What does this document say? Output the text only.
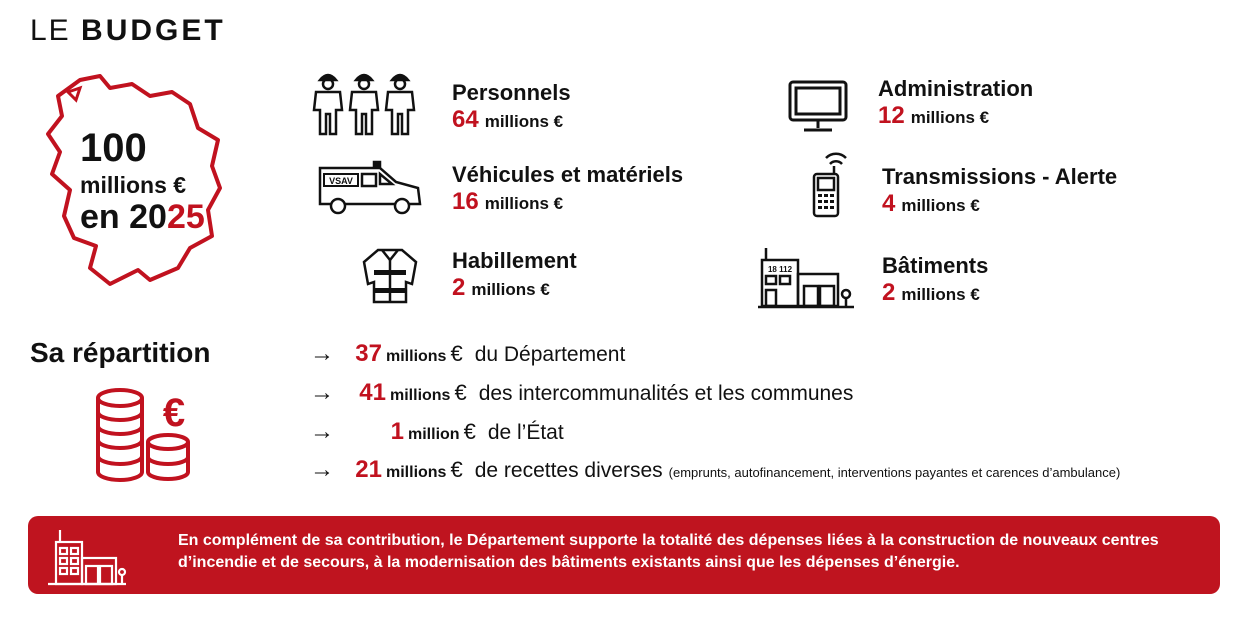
LE BUDGET
100
millions €
en 2025
VSAV
18 112
Personnels
64 millions €
Véhicules et matériels
16 millions €
Habillement
2 millions €
Administration
12 millions €
Transmissions - Alerte
4 millions €
Bâtiments
2 millions €
Sa répartition
€
→ 37 millions € du Département
→	41 millions € des intercommunalités et les communes
→	1 million € de l’État
→ 21 millions € de recettes diverses (emprunts, autofinancement, interventions payantes et carences d’ambulance)
En complément de sa contribution, le Département supporte la totalité des dépenses liées à la construction de nouveaux centres d’incendie et de secours, à la modernisation des bâtiments existants ainsi que les dépenses d’énergie.
